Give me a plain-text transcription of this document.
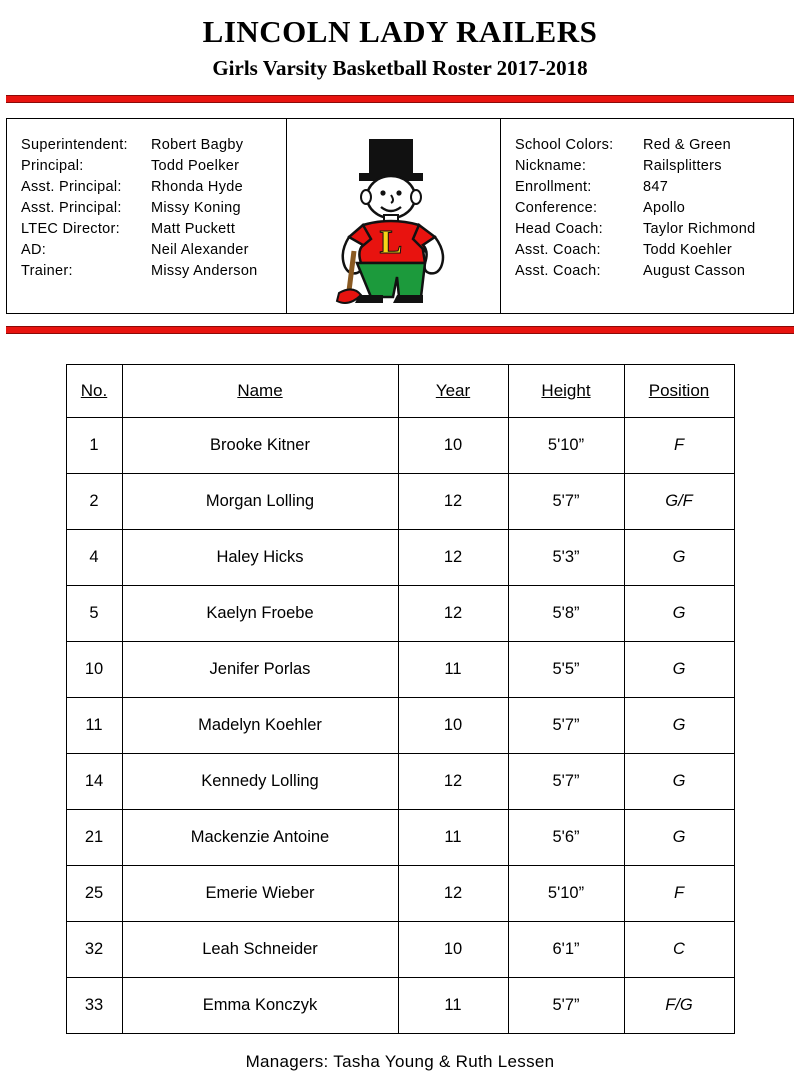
LINCOLN LADY RAILERS
Girls Varsity Basketball Roster 2017-2018
Superintendent:	Robert Bagby
Principal:	Todd Poelker
Asst. Principal:	Rhonda Hyde
Asst. Principal:	Missy Koning
LTEC Director:	Matt Puckett
AD:	Neil Alexander
Trainer:	Missy Anderson
L
School Colors:	Red & Green
Nickname:	Railsplitters
Enrollment:	847
Conference:	Apollo
Head Coach:	Taylor Richmond
Asst. Coach:	Todd Koehler
Asst. Coach:	August Casson
No.	Name	Year	Height	Position
1	Brooke Kitner	10	5'10”	F
2	Morgan Lolling	12	5'7”	G/F
4	Haley Hicks	12	5'3”	G
5	Kaelyn Froebe	12	5'8”	G
10	Jenifer Porlas	11	5'5”	G
11	Madelyn Koehler	10	5'7”	G
14	Kennedy Lolling	12	5'7”	G
21	Mackenzie Antoine	11	5'6”	G
25	Emerie Wieber	12	5'10”	F
32	Leah Schneider	10	6'1”	C
33	Emma Konczyk	11	5'7”	F/G
Managers: Tasha Young & Ruth Lessen
